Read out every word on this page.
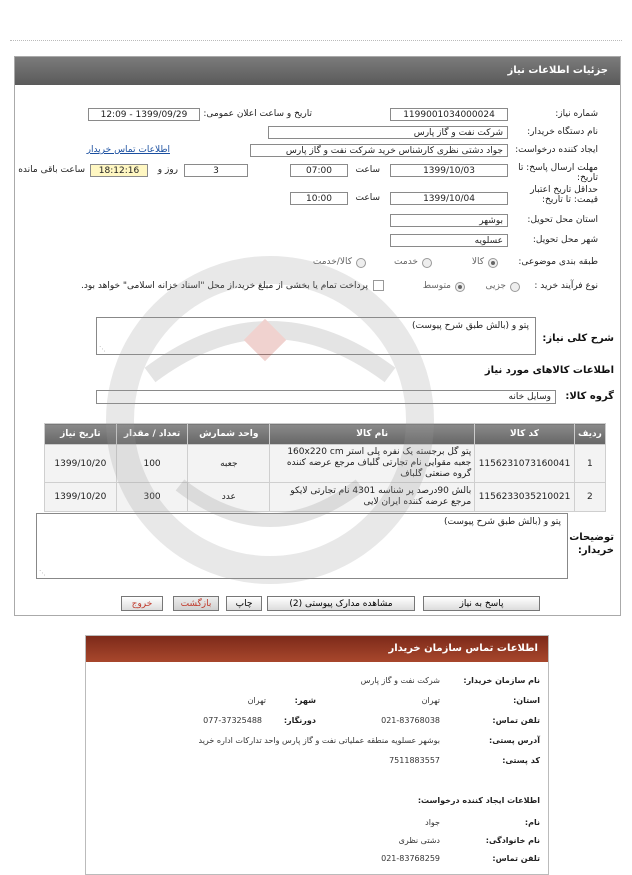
جزئیات اطلاعات نیاز
شماره نیاز:
1199001034000024
تاریخ و ساعت اعلان عمومی:
1399/09/29 - 12:09
نام دستگاه خریدار:
شرکت نفت و گاز پارس
ایجاد کننده درخواست:
جواد دشتی نظری کارشناس خرید شرکت نفت و گاز پارس
اطلاعات تماس خریدار
مهلت ارسال پاسخ: تا تاریخ:
1399/10/03
ساعت
07:00
3
روز و
18:12:16
ساعت باقی مانده
حداقل تاریخ اعتبار قیمت: تا تاریخ:
1399/10/04
ساعت
10:00
استان محل تحویل:
بوشهر
شهر محل تحویل:
عسلویه
طبقه بندی موضوعی:
کالا
خدمت
کالا/خدمت
نوع فرآیند خرید :
جزیی
متوسط
پرداخت تمام یا بخشی از مبلغ خرید،از محل "اسناد خزانه اسلامی" خواهد بود.
شرح کلی نیاز:
پتو و (بالش طبق شرح پیوست)
⋰
اطلاعات کالاهای مورد نیاز
گروه کالا:
وسایل خانه
ردیف	کد کالا	نام کالا	واحد شمارش	تعداد / مقدار	تاریخ نیاز
1	1156231073160041	پتو گل برجسته یک نفره پلی استر 160x220 cm جعبه مقوایی نام تجارتی گلباف مرجع عرضه کننده گروه صنعتی گلباف	جعبه	100	1399/10/20
2	1156233035210021	بالش 90درصد پر شناسه 4301 نام تجارتی لایکو مرجع عرضه کننده ایران لایی	عدد	300	1399/10/20
توضیحات خریدار:
پتو و (بالش طبق شرح پیوست)
⋰
پاسخ به نیاز
مشاهده مدارک پیوستی (2)
چاپ
بازگشت
خروج
اطلاعات تماس سازمان خریدار
نام سازمان خریدار:
شرکت نفت و گاز پارس
استان:
تهران
شهر:
تهران
تلفن تماس:
021-83768038
دورنگار:
077-37325488
آدرس پستی:
بوشهر عسلویه منطقه عملیاتی نفت و گاز پارس واحد تدارکات اداره خرید
کد پستی:
7511883557
اطلاعات ایجاد کننده درخواست:
نام:
جواد
نام خانوادگی:
دشتی نظری
تلفن تماس:
021-83768259
